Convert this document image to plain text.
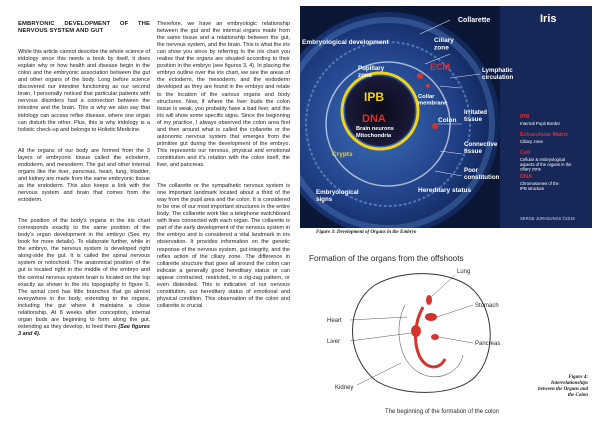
EMBRYONIC DEVELOPMENT OF THE NERVOUS SYSTEM AND GUT

While this article cannot describe the whole science of iridology since this needs a book by itself, it does explain why or how health and disease begin in the colon and the embryonic association between the gut and other organs of the body. Long before science discovered our intestine functioning as our second brain, I personally noticed that particular patients with nervous disorders had a connection between the intestine and the brain. This is why we also say that iridology can access reflex disease, where one organ can disturb the other. Plus, this is why iridology is a holistic check-up and belongs to Holistic Medicine.

All the organs of our body are formed from the 3 layers of embryonic tissue called the ectoderm, endoderm, and mesoderm. The gut and other internal organs like the liver, pancreas, heart, lung, bladder, and kidney are made from the same embryonic tissue as the endoderm. This also keeps a link with the nervous system and brain that comes from the ectoderm.

The position of the body's organs in the iris chart corresponds exactly to the same position of the body's organ development in the embryo (See my book for more details). To elaborate further, while in the embryo, the nervous system is developed right along-side the gut. It is called the spinal nervous system or notochord. The anatomical position of the gut is located right in the middle of the embryo and the central nervous system brain is located on the top exactly as shown in the iris topography in figure 5. The spinal cord has little branches that go almost everywhere in the body, extending to the organs, including the gut where it maintains a close relationship. At 8 weeks after conception, internal organ buds are beginning to form along the gut, extending as they develop, to feed them (See figures 3 and 4).

Therefore, we have an embryologic relationship between the gut and the internal organs made from the same tissue and a relationship between the gut, the nervous system, and the brain. This is what the iris can show you since by referring to the iris chart you realize that the organs are situated according to their position in the embryo (see figures 3, 4). In placing the embryo outline over the iris chart, we see the areas of the ectoderm, the mesoderm, and the endoderm developed as they are found in the embryo and relate to the location of the various organs and body structures. Now, if where the liver buds the colon tissue is weak, you probably have a bad liver, and the iris will show some specific signs. Since the beginning of my practice, I always observed the colon area first and then around what is called the collarette or the autonomic nervous system that emerges from the primitive gut during the development of the embryo. This represents our nervous, physical and emotional constitution and it's relation with the colon itself, the liver, and pancreas.

The collarette or the sympathetic nervous system is one important landmark located about a third of the way from the pupil area and the colon. It is considered to be one of our most important structures in the entire body. The collarette work like a telephone switchboard with lines connected with each organ. The collarette is part of the early development of the nervous system in the embryo and is considered a vital landmark in iris observation. It provides information on the genetic response of the nervous system, gut integrity, and the reflex action of the ciliary zone. The difference in collarette structure that goes all around the colon can indicate a generally good hereditary status or can appear contracted, restricted, in a zig-zag pattern, or even distended. This is indicative of our nervous constitution, our hereditary status of emotional and physical condition. This observation of the colon and collarette is crucial.

Collarette
Embryological development	Ciliary zone
Pupillary zone
ECM
Collar membrane
Lymphatic circulation
IPB
DNA
Brain neurons
Mitochondria
Colon
Irritated tissue
Connective tissue
Poor constitution
Crypts
Hereditary status
Embryological signs
Iris
IPB
Internal Pupil Border
Extracellular Matrix
Ciliary zone
Cell
Cellular & embryological aspects of the organs in the ciliary zone
DNA
Chromosomes of the IPB structure
SERGE JURASUNAS ©2019
Figure 3: Development of Organs in the Embryo
Formation of the organs from the offshoots
Lung
Stomach
Heart
Liver	Pancreas
Kidney
The beginning of the formation of the colon
Figure 4:
Interrelationships
between the Organs and
the Colon
